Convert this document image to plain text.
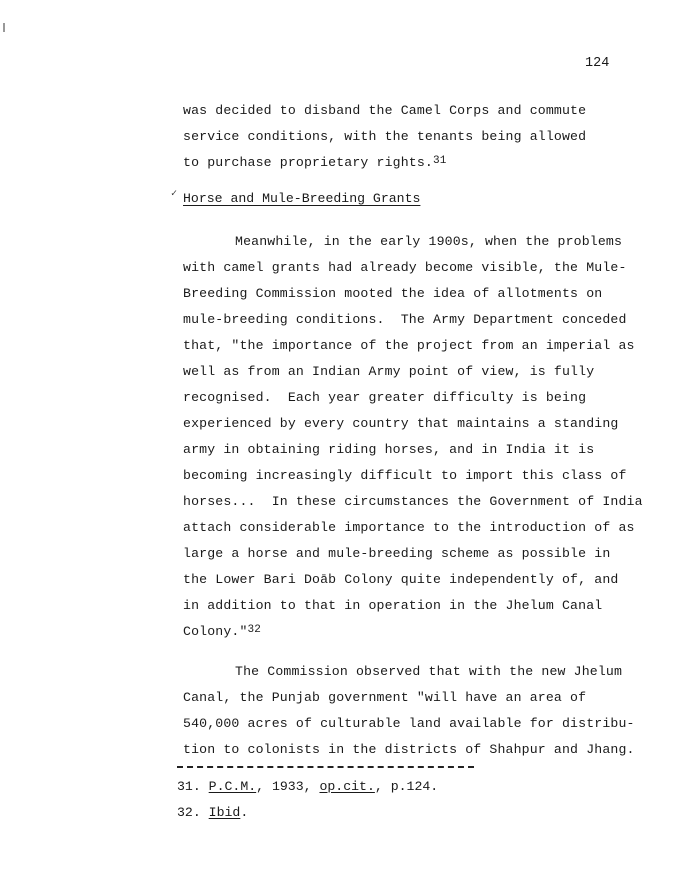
124
was decided to disband the Camel Corps and commute
service conditions, with the tenants being allowed
to purchase proprietary rights.$^{31}$
✓ Horse and Mule-Breeding Grants
Meanwhile, in the early 1900s, when the problems
with camel grants had already become visible, the Mule-
Breeding Commission mooted the idea of allotments on
mule-breeding conditions.  The Army Department conceded
that, "the importance of the project from an imperial as
well as from an Indian Army point of view, is fully
recognised.  Each year greater difficulty is being
experienced by every country that maintains a standing
army in obtaining riding horses, and in India it is
becoming increasingly difficult to import this class of
horses...  In these circumstances the Government of India
attach considerable importance to the introduction of as
large a horse and mule-breeding scheme as possible in
the Lower Bari Doāb Colony quite independently of, and
in addition to that in operation in the Jhelum Canal
Colony."$^{32}$
The Commission observed that with the new Jhelum
Canal, the Punjab government "will have an area of
540,000 acres of culturable land available for distribu-
tion to colonists in the districts of Shahpur and Jhang.
31. P.C.M., 1933, op.cit., p.124.
32. Ibid.
